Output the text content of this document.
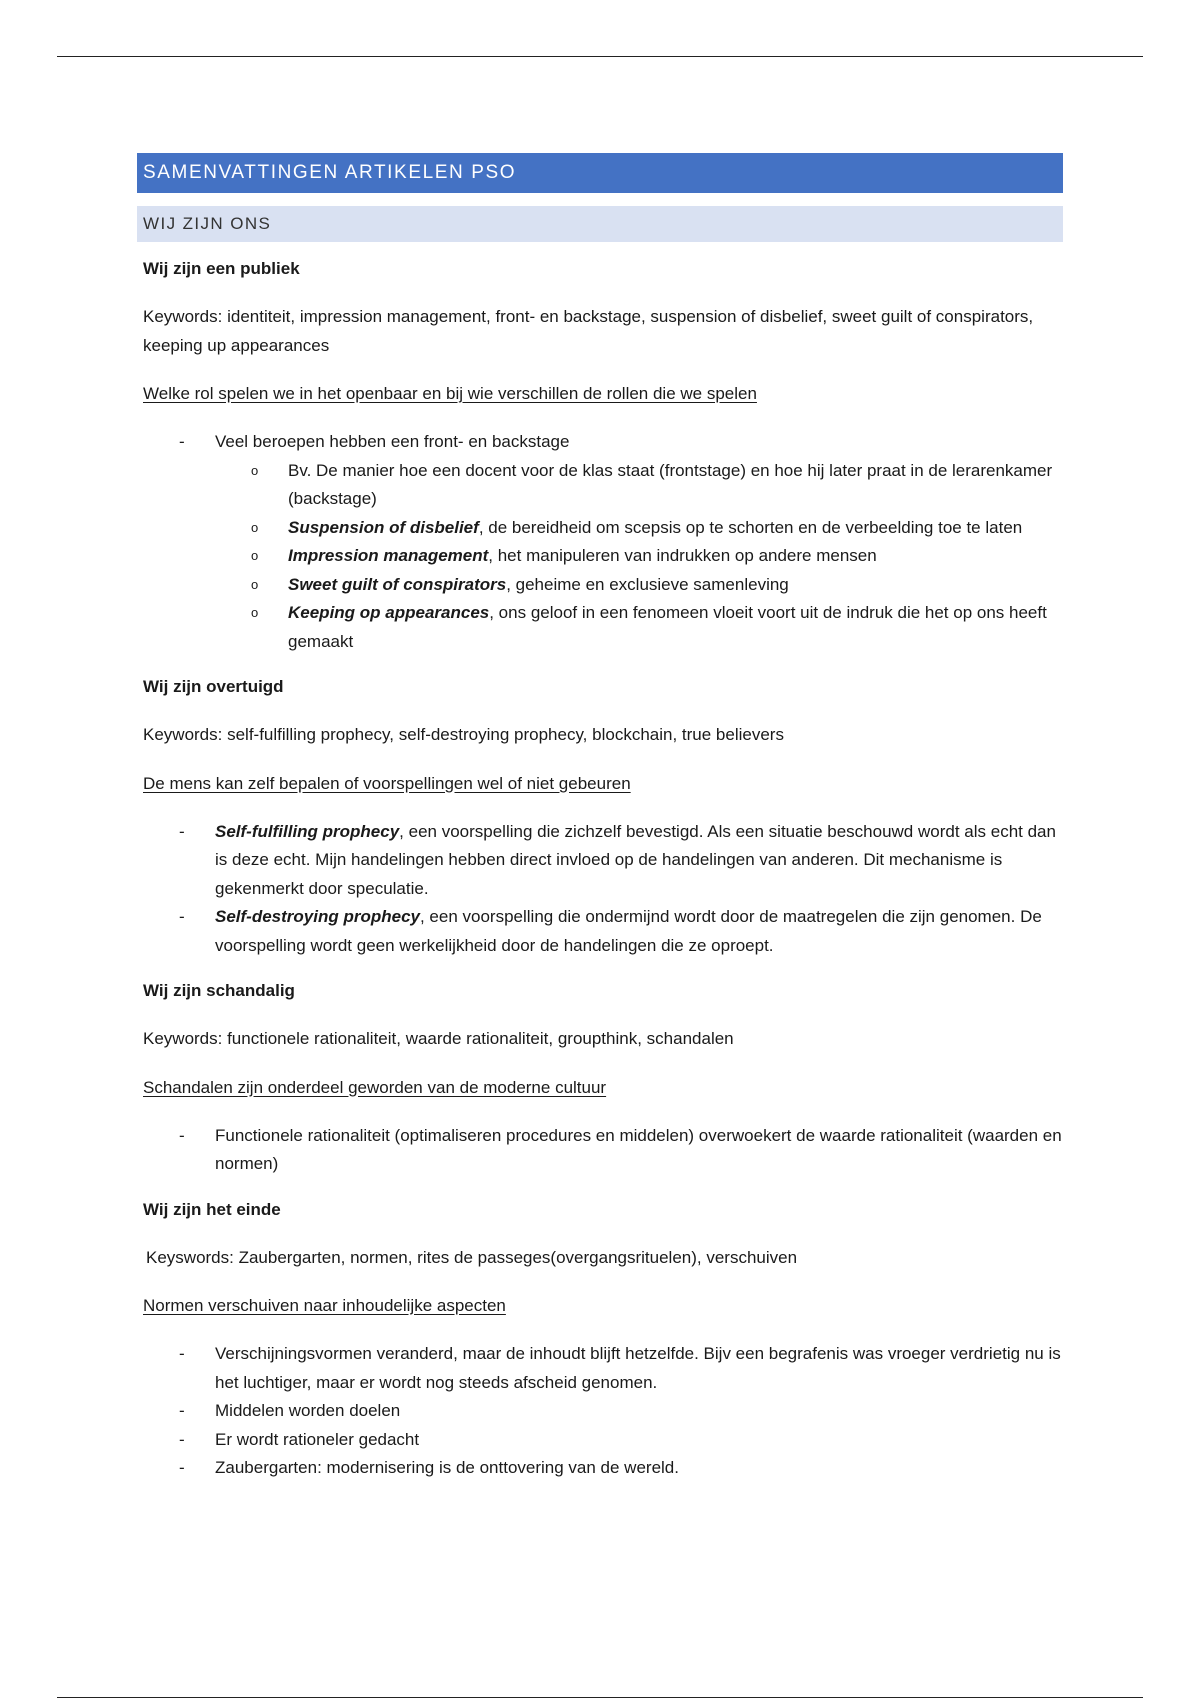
SAMENVATTINGEN ARTIKELEN PSO
WIJ ZIJN ONS
Wij zijn een publiek
Keywords: identiteit, impression management, front- en backstage, suspension of disbelief, sweet guilt of conspirators, keeping up appearances
Welke rol spelen we in het openbaar en bij wie verschillen de rollen die we spelen
- Veel beroepen hebben een front- en backstage
o Bv. De manier hoe een docent voor de klas staat (frontstage) en hoe hij later praat in de lerarenkamer (backstage)
o Suspension of disbelief, de bereidheid om scepsis op te schorten en de verbeelding toe te laten
o Impression management, het manipuleren van indrukken op andere mensen
o Sweet guilt of conspirators, geheime en exclusieve samenleving
o Keeping op appearances, ons geloof in een fenomeen vloeit voort uit de indruk die het op ons heeft gemaakt
Wij zijn overtuigd
Keywords: self-fulfilling prophecy, self-destroying prophecy, blockchain, true believers
De mens kan zelf bepalen of voorspellingen wel of niet gebeuren
- Self-fulfilling prophecy, een voorspelling die zichzelf bevestigd. Als een situatie beschouwd wordt als echt dan is deze echt. Mijn handelingen hebben direct invloed op de handelingen van anderen. Dit mechanisme is gekenmerkt door speculatie.
- Self-destroying prophecy, een voorspelling die ondermijnd wordt door de maatregelen die zijn genomen. De voorspelling wordt geen werkelijkheid door de handelingen die ze oproept.
Wij zijn schandalig
Keywords: functionele rationaliteit, waarde rationaliteit, groupthink, schandalen
Schandalen zijn onderdeel geworden van de moderne cultuur
- Functionele rationaliteit (optimaliseren procedures en middelen) overwoekert de waarde rationaliteit (waarden en normen)
Wij zijn het einde
Keyswords: Zaubergarten, normen, rites de passeges(overgangsrituelen), verschuiven
Normen verschuiven naar inhoudelijke aspecten
- Verschijningsvormen veranderd, maar de inhoudt blijft hetzelfde. Bijv een begrafenis was vroeger verdrietig nu is het luchtiger, maar er wordt nog steeds afscheid genomen.
- Middelen worden doelen
- Er wordt rationeler gedacht
- Zaubergarten: modernisering is de onttovering van de wereld.
